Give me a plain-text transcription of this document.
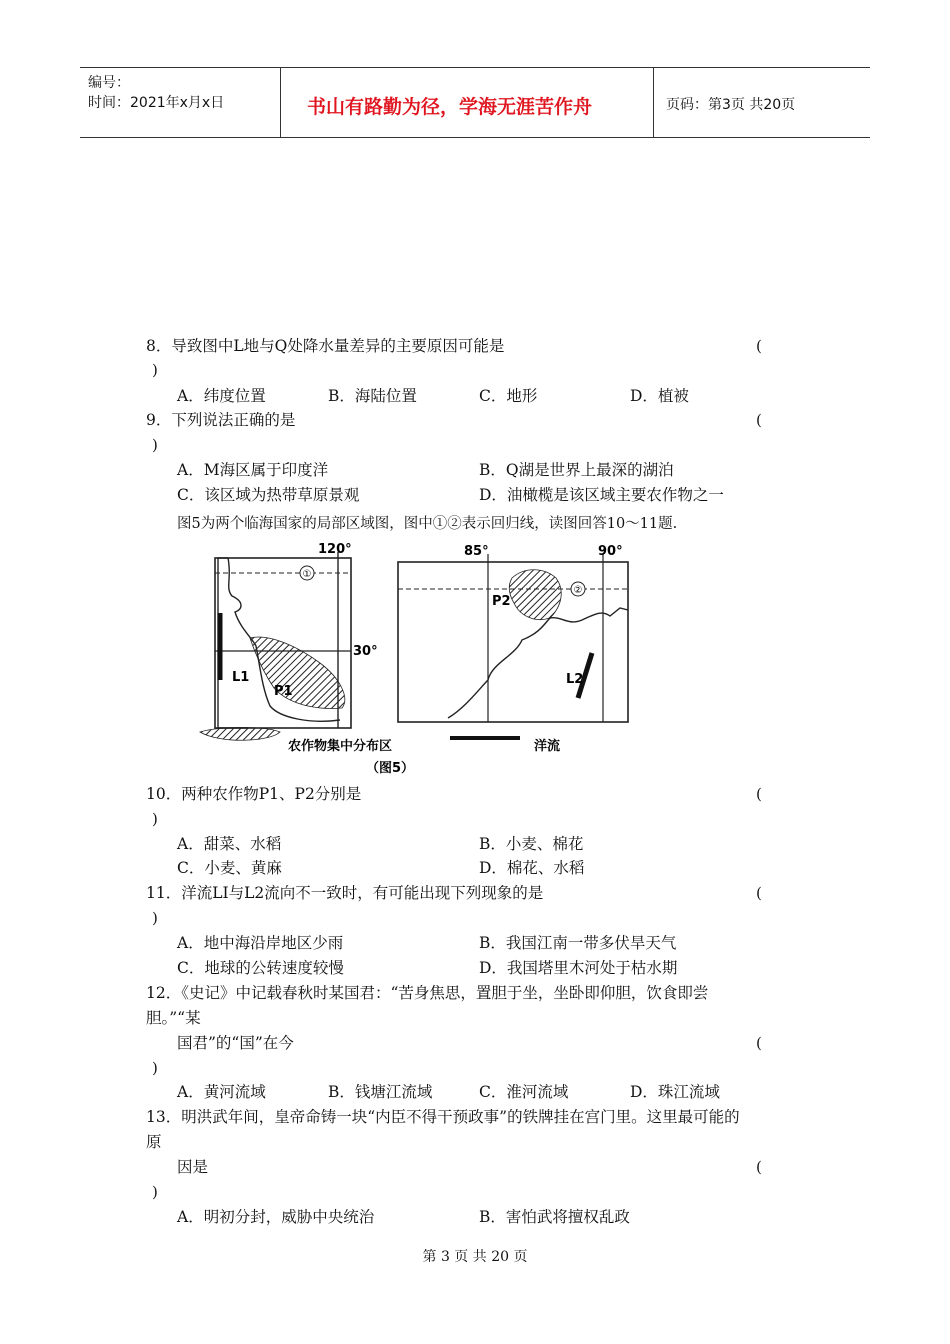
编号：
时间：2021年x月x日	书山有路勤为径，学海无涯苦作舟	页码：第3页 共20页
8．导致图中L地与Q处降水量差异的主要原因可能是	(
)
A．纬度位置	B．海陆位置	C．地形	D．植被
9．下列说法正确的是	(
)
A．M海区属于印度洋	B．Q湖是世界上最深的湖泊
C．该区域为热带草原景观	D．油橄榄是该区域主要农作物之一
图5为两个临海国家的局部区域图，图中①②表示回归线，读图回答10～11题.
①
120°
30°
L1
P1
②
85°	90°
P2
L2
农作物集中分布区	洋流
（图5）
10．两种农作物P1、P2分别是	(
)
A．甜菜、水稻	B．小麦、棉花
C．小麦、黄麻	D．棉花、水稻
11．洋流LI与L2流向不一致时，有可能出现下列现象的是	(
)
A．地中海沿岸地区少雨	B．我国江南一带多伏旱天气
C．地球的公转速度较慢	D．我国塔里木河处于枯水期
12．《史记》中记载春秋时某国君：“苦身焦思，置胆于坐，坐卧即仰胆，饮食即尝
胆。”“某
国君”的“国”在今	(
)
A．黄河流域	B．钱塘江流域	C．淮河流域	D．珠江流域
13．明洪武年间，皇帝命铸一块“内臣不得干预政事”的铁牌挂在宫门里。这里最可能的
原
因是	(
)
A．明初分封，威胁中央统治	B．害怕武将擅权乱政
第 3 页 共 20 页
